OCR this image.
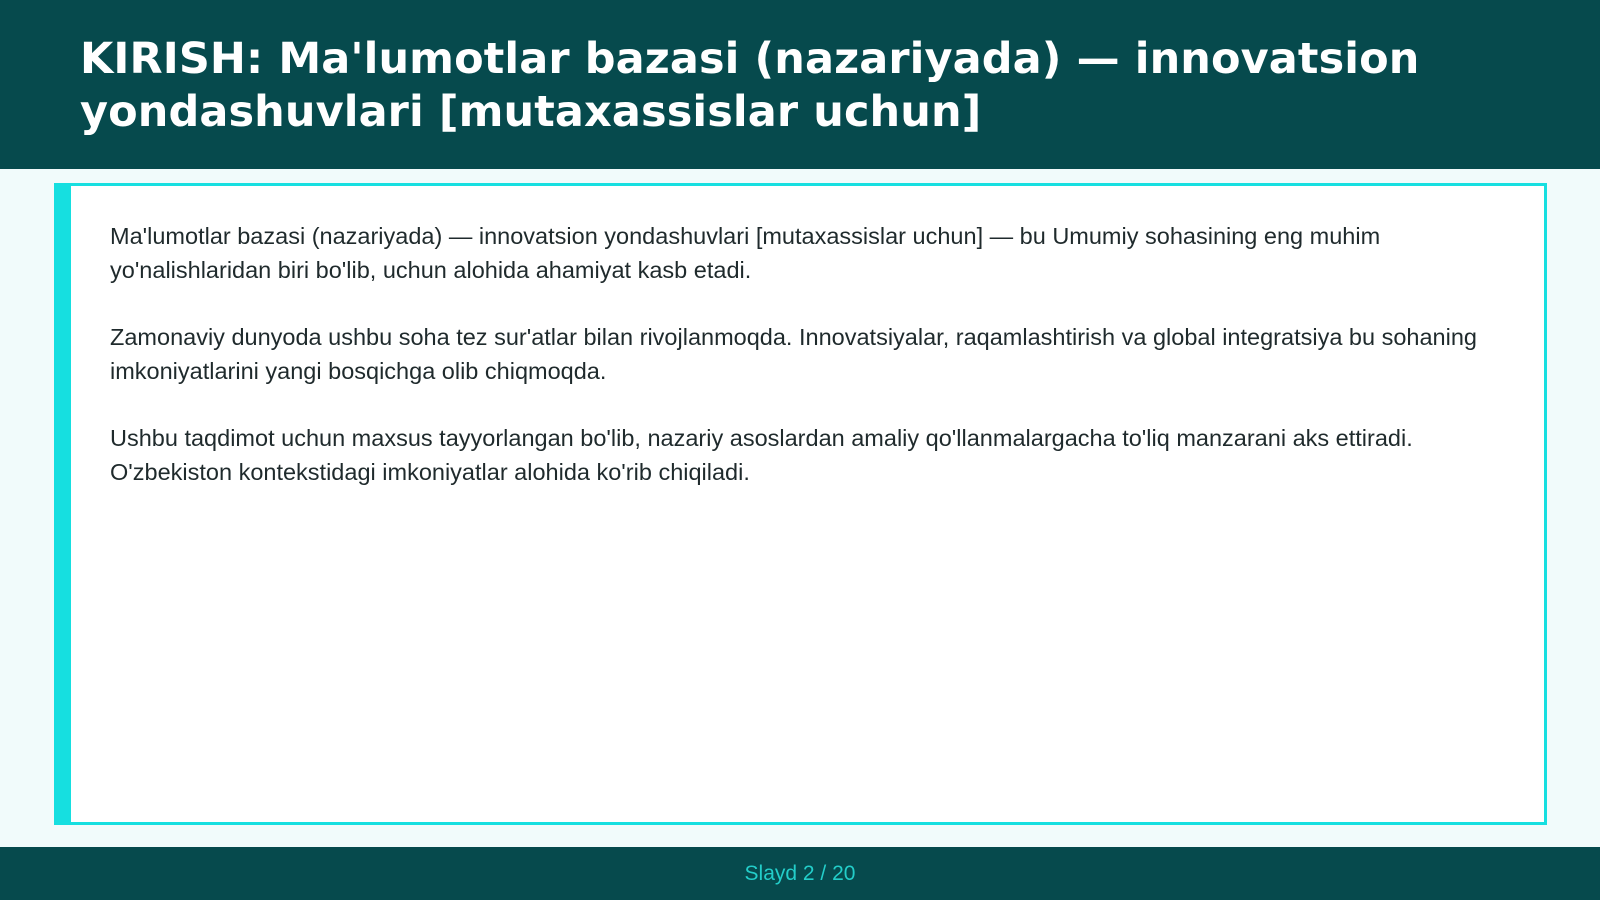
KIRISH: Ma'lumotlar bazasi (nazariyada) — innovatsion yondashuvlari [mutaxassislar uchun]

Ma'lumotlar bazasi (nazariyada) — innovatsion yondashuvlari [mutaxassislar uchun] — bu Umumiy sohasining eng muhim yo'nalishlaridan biri bo'lib, uchun alohida ahamiyat kasb etadi.

Zamonaviy dunyoda ushbu soha tez sur'atlar bilan rivojlanmoqda. Innovatsiyalar, raqamlashtirish va global integratsiya bu sohaning imkoniyatlarini yangi bosqichga olib chiqmoqda.

Ushbu taqdimot uchun maxsus tayyorlangan bo'lib, nazariy asoslardan amaliy qo'llanmalargacha to'liq manzarani aks ettiradi. O'zbekiston kontekstidagi imkoniyatlar alohida ko'rib chiqiladi.

Slayd 2 / 20
